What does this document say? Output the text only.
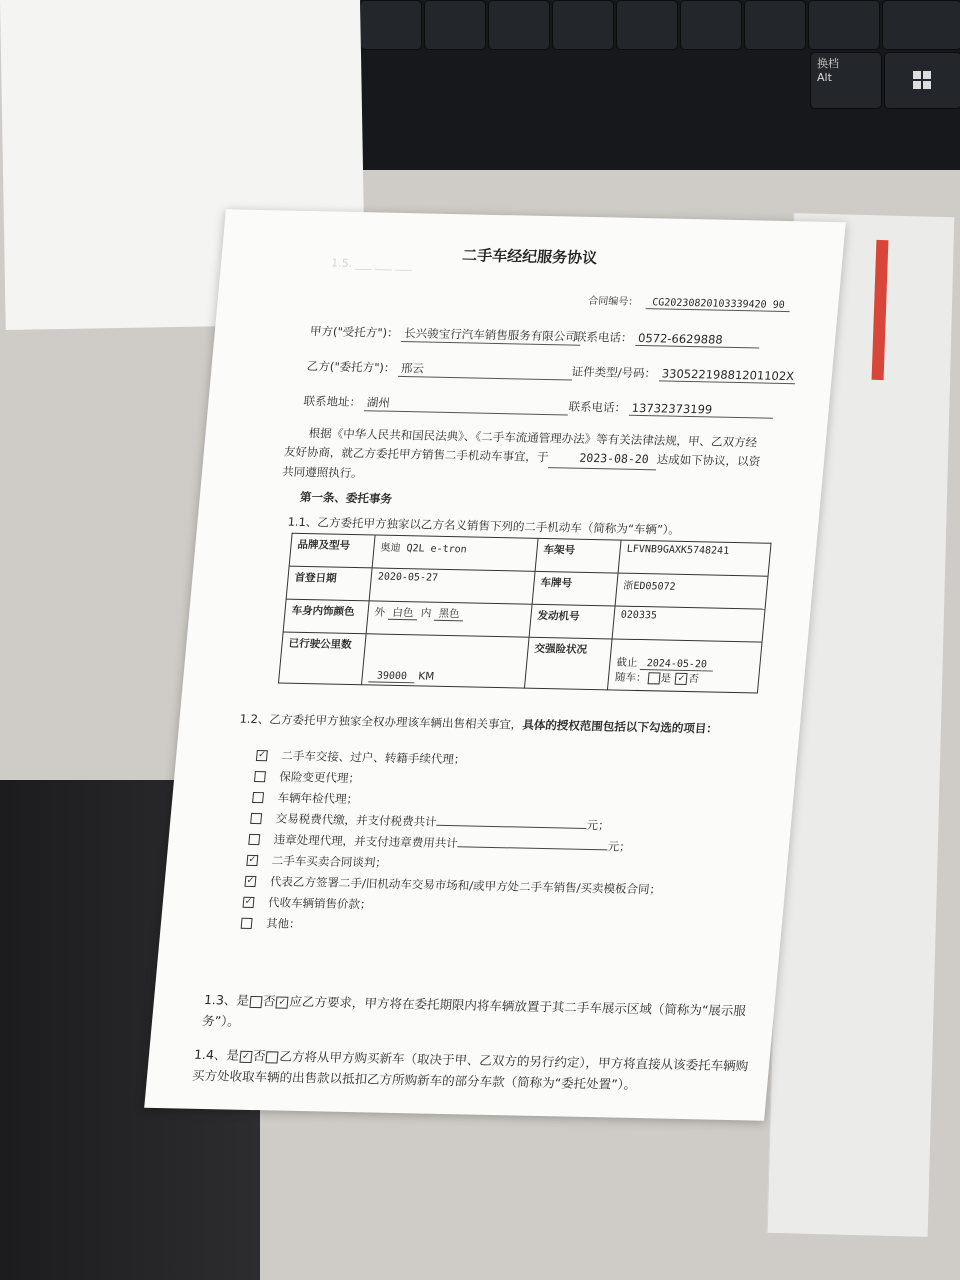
换档
Alt
1.5. ___ ___ ___	二手车经纪服务协议
合同编号： CG20230820103339420 90
甲方("受托方")： 长兴骏宝行汽车销售服务有限公司
联系电话： 0572-6629888
乙方("委托方")： 邢云	证件类型/号码： 33052219881201102X
联系地址： 湖州	联系电话： 13732373199
根据《中华人民共和国民法典》、《二手车流通管理办法》等有关法律法规，甲、乙双方经友好协商，就乙方委托甲方销售二手机动车事宜，于	2023-08-20 达成如下协议，以资共同遵照执行。
第一条、委托事务
1.1、乙方委托甲方独家以乙方名义销售下列的二手机动车（简称为“车辆”）。
品牌及型号	奥迪 Q2L e-tron	车架号	LFVNB9GAXK5748241
首登日期	2020-05-27	车牌号	浙ED05072
车身内饰颜色	外 白色 内 黑色	发动机号	020335
已行驶公里数	39000 KM	交强险状况	截止 2024-05-20
随车： 是 ✓ 否
1.2、乙方委托甲方独家全权办理该车辆出售相关事宜，具体的授权范围包括以下勾选的项目：
✓ 二手车交接、过户、转籍手续代理；
保险变更代理；
车辆年检代理；
交易税费代缴，并支付税费共计	元；
违章处理代理，并支付违章费用共计	元；
✓ 二手车买卖合同谈判；
✓ 代表乙方签署二手/旧机动车交易市场和/或甲方处二手车销售/买卖模板合同；
✓ 代收车辆销售价款；
其他：
1.3、是 否 ✓ 应乙方要求，甲方将在委托期限内将车辆放置于其二手车展示区域（简称为“展示服务”）。
1.4、是 ✓ 否 乙方将从甲方购买新车（取决于甲、乙双方的另行约定），甲方将直接从该委托车辆购买方处收取车辆的出售款以抵扣乙方所购新车的部分车款（简称为“委托处置”）。
